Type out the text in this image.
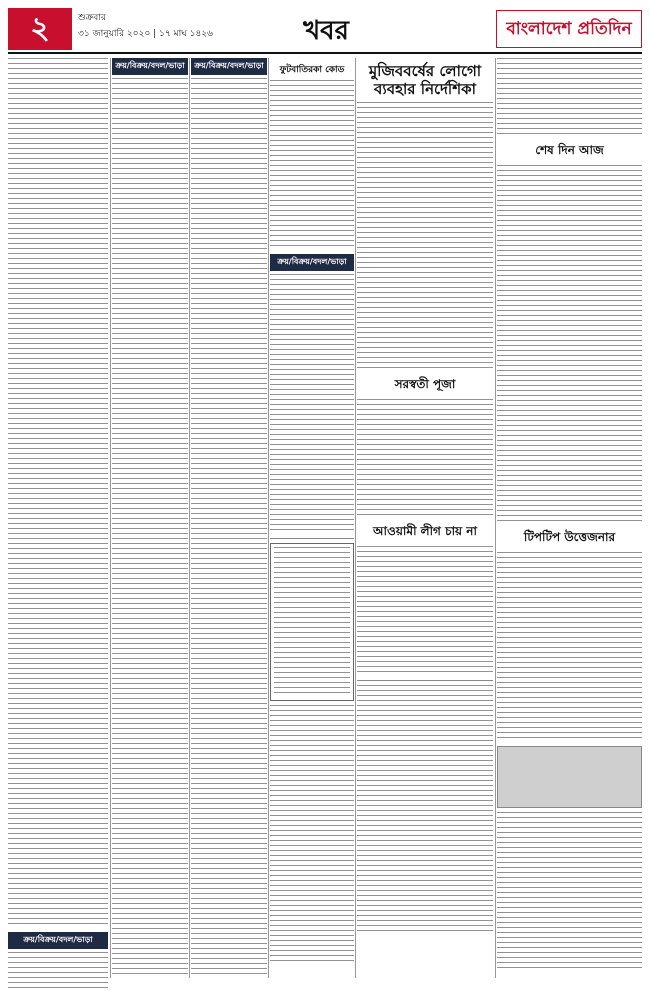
২	শুক্রবার
৩১ জানুয়ারি ২০২০ | ১৭ মাঘ ১৪২৬	খবর	বাংলাদেশ প্রতিদিন
ক্রয়/বিক্রয়/বদল/ভাড়া
ক্রয়/বিক্রয়/বদল/ভাড়া	ক্রয়/বিক্রয়/বদল/ভাড়া	ফুটবাতিরকা কোড
ক্রয়/বিক্রয়/বদল/ভাড়া
মুজিববর্ষের লোগো ব্যবহার নির্দেশিকা
সরস্বতী পূজা
আওয়ামী লীগ চায় না
শেষ দিন আজ
টিপটিপ উত্তেজনার
